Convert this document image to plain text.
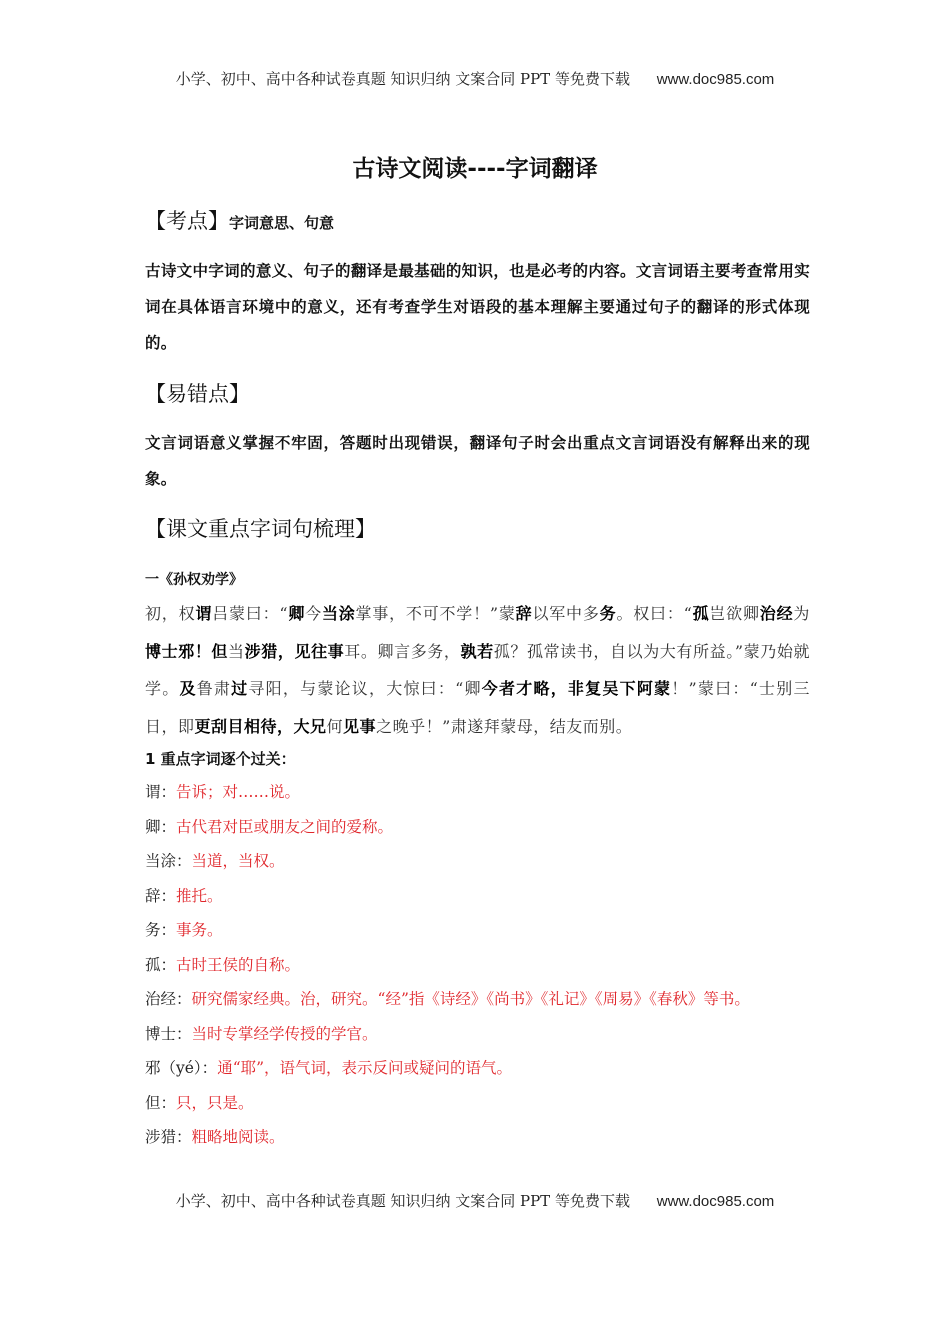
小学、初中、高中各种试卷真题 知识归纳 文案合同 PPT 等免费下载 www.doc985.com
古诗文阅读----字词翻译
【考点】字词意思、句意
古诗文中字词的意义、句子的翻译是最基础的知识，也是必考的内容。文言词语主要考查常用实词在具体语言环境中的意义，还有考查学生对语段的基本理解主要通过句子的翻译的形式体现的。
【易错点】
文言词语意义掌握不牢固，答题时出现错误，翻译句子时会出重点文言词语没有解释出来的现象。
【课文重点字词句梳理】
一《孙权劝学》
初，权谓吕蒙曰：“卿今当涂掌事，不可不学！”蒙辞以军中多务。权曰：“孤岂欲卿治经为博士邪！但当涉猎，见往事耳。卿言多务，孰若孤？孤常读书，自以为大有所益。”蒙乃始就学。及鲁肃过寻阳，与蒙论议，大惊曰：“卿今者才略，非复吴下阿蒙！”蒙曰：“士别三日，即更刮目相待，大兄何见事之晚乎！”肃遂拜蒙母，结友而别。
1 重点字词逐个过关：
谓：告诉；对……说。
卿：古代君对臣或朋友之间的爱称。
当涂：当道，当权。
辞：推托。
务：事务。
孤：古时王侯的自称。
治经：研究儒家经典。治，研究。“经”指《诗经》《尚书》《礼记》《周易》《春秋》等书。
博士：当时专掌经学传授的学官。
邪（yé）：通“耶”，语气词，表示反问或疑问的语气。
但：只，只是。
涉猎：粗略地阅读。
小学、初中、高中各种试卷真题 知识归纳 文案合同 PPT 等免费下载 www.doc985.com
